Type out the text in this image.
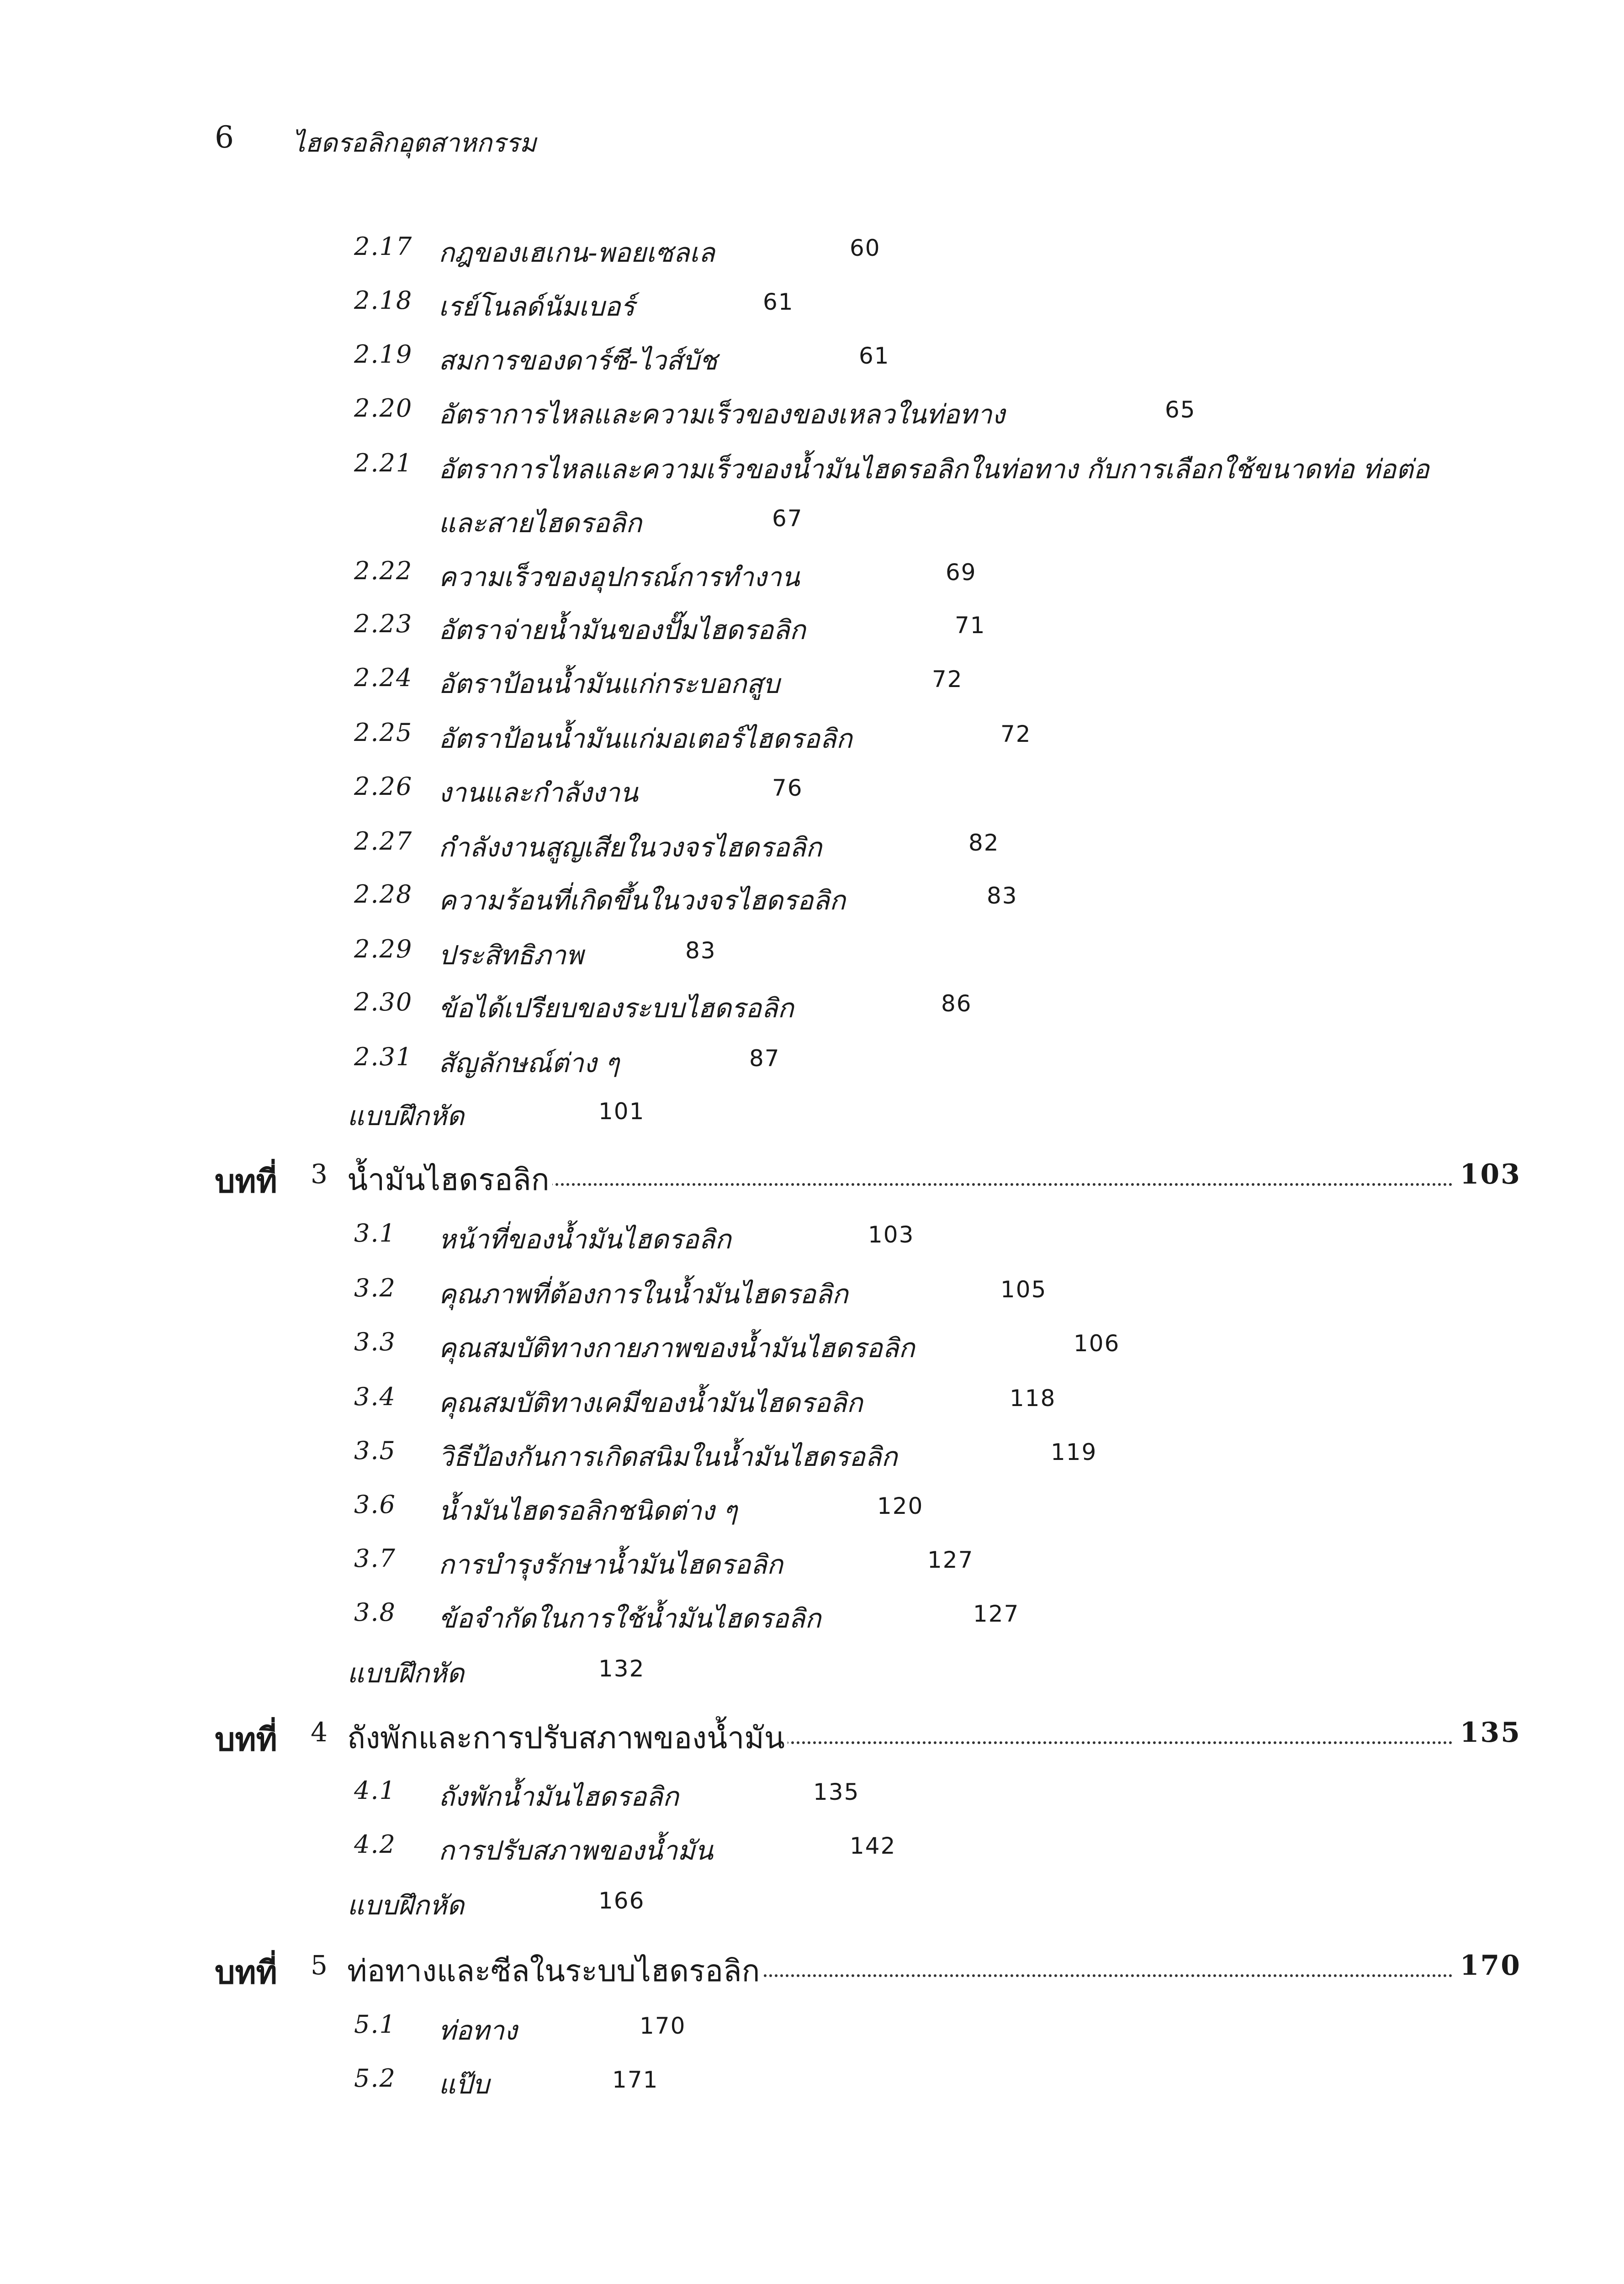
6 ไฮดรอลิกอุตสาหกรรม
2.17 กฎของเฮเกน-พอยเซลเล	60
2.18 เรย์โนลด์นัมเบอร์	61
2.19 สมการของดาร์ซี-ไวส์บัช	61
2.20 อัตราการไหลและความเร็วของของเหลวในท่อทาง	65
2.21 อัตราการไหลและความเร็วของน้ำมันไฮดรอลิกในท่อทาง กับการเลือกใช้ขนาดท่อ ท่อต่อ
และสายไฮดรอลิก	67
2.22 ความเร็วของอุปกรณ์การทำงาน	69
2.23 อัตราจ่ายน้ำมันของปั๊มไฮดรอลิก	71
2.24 อัตราป้อนน้ำมันแก่กระบอกสูบ	72
2.25 อัตราป้อนน้ำมันแก่มอเตอร์ไฮดรอลิก	72
2.26 งานและกำลังงาน	76
2.27 กำลังงานสูญเสียในวงจรไฮดรอลิก	82
2.28 ความร้อนที่เกิดขึ้นในวงจรไฮดรอลิก	83
2.29 ประสิทธิภาพ	83
2.30 ข้อได้เปรียบของระบบไฮดรอลิก	86
2.31 สัญลักษณ์ต่าง ๆ	87
แบบฝึกหัด	101
บทที่ 3 น้ำมันไฮดรอลิก	103
3.1 หน้าที่ของน้ำมันไฮดรอลิก	103
3.2 คุณภาพที่ต้องการในน้ำมันไฮดรอลิก	105
3.3 คุณสมบัติทางกายภาพของน้ำมันไฮดรอลิก	106
3.4 คุณสมบัติทางเคมีของน้ำมันไฮดรอลิก	118
3.5 วิธีป้องกันการเกิดสนิมในน้ำมันไฮดรอลิก	119
3.6 น้ำมันไฮดรอลิกชนิดต่าง ๆ	120
3.7 การบำรุงรักษาน้ำมันไฮดรอลิก	127
3.8 ข้อจำกัดในการใช้น้ำมันไฮดรอลิก	127
แบบฝึกหัด	132
บทที่ 4 ถังพักและการปรับสภาพของน้ำมัน	135
4.1 ถังพักน้ำมันไฮดรอลิก	135
4.2 การปรับสภาพของน้ำมัน	142
แบบฝึกหัด	166
บทที่ 5 ท่อทางและซีลในระบบไฮดรอลิก	170
5.1 ท่อทาง	170
5.2 แป๊บ	171
